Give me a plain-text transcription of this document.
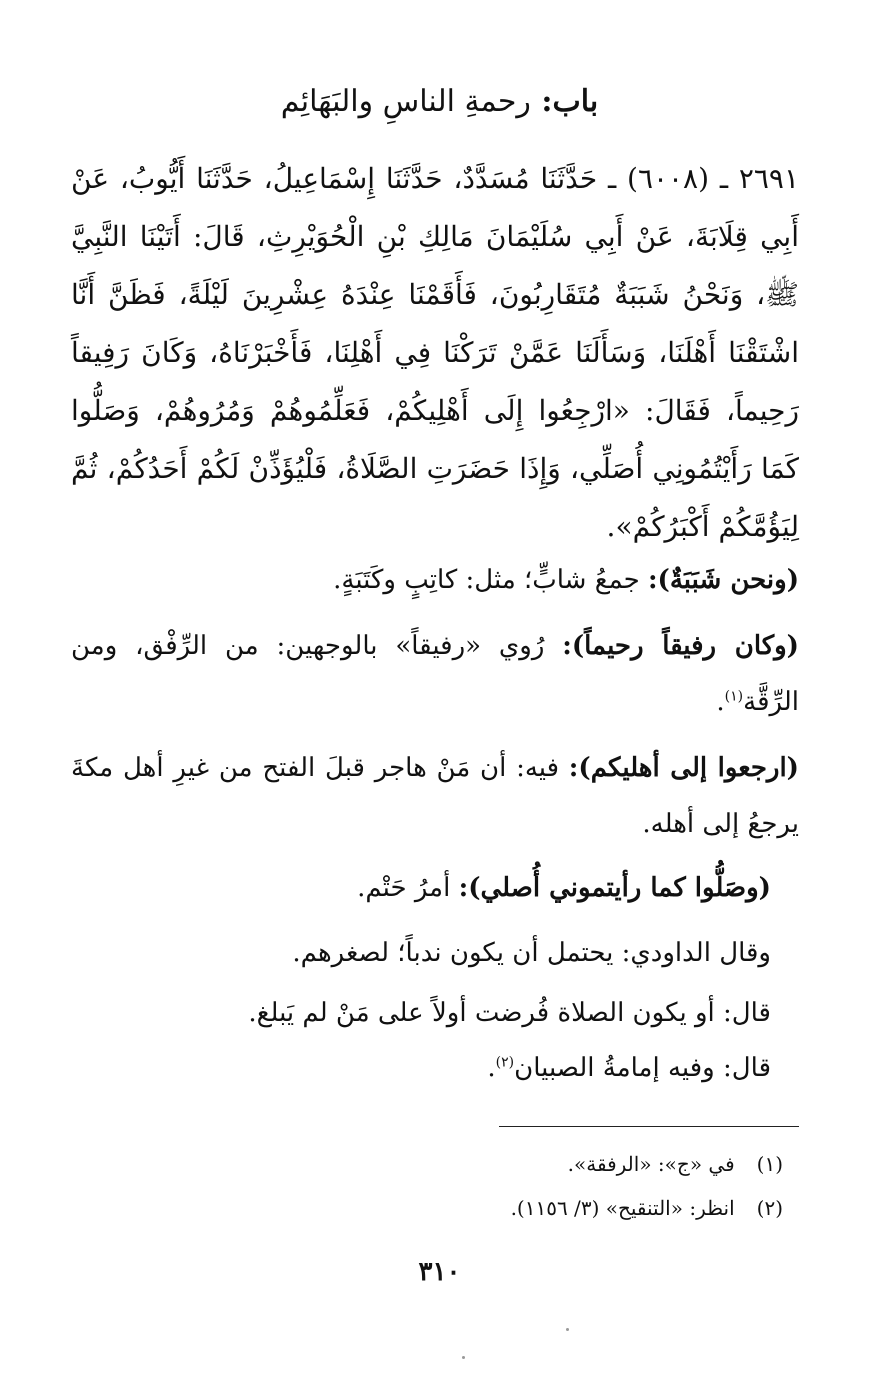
باب: رحمةِ الناسِ والبَهَائِم
٢٦٩١ ـ (٦٠٠٨) ـ حَدَّثَنَا مُسَدَّدٌ، حَدَّثَنَا إِسْمَاعِيلُ، حَدَّثَنَا أَيُّوبُ، عَنْ أَبِي قِلَابَةَ، عَنْ أَبِي سُلَيْمَانَ مَالِكِ بْنِ الْحُوَيْرِثِ، قَالَ: أَتَيْنَا النَّبِيَّ ﷺ، وَنَحْنُ شَبَبَةٌ مُتَقَارِبُونَ، فَأَقَمْنَا عِنْدَهُ عِشْرِينَ لَيْلَةً، فَظَنَّ أَنَّا اشْتَقْنَا أَهْلَنَا، وَسَأَلَنَا عَمَّنْ تَرَكْنَا فِي أَهْلِنَا، فَأَخْبَرْنَاهُ، وَكَانَ رَفِيقاً رَحِيماً، فَقَالَ: «ارْجِعُوا إِلَى أَهْلِيكُمْ، فَعَلِّمُوهُمْ وَمُرُوهُمْ، وَصَلُّوا كَمَا رَأَيْتُمُونِي أُصَلِّي، وَإِذَا حَضَرَتِ الصَّلَاةُ، فَلْيُؤَذِّنْ لَكُمْ أَحَدُكُمْ، ثُمَّ لِيَؤُمَّكُمْ أَكْبَرُكُمْ».
(ونحن شَبَبَةٌ): جمعُ شابٍّ؛ مثل: كاتِبٍ وكَتَبَةٍ.
(وكان رفيقاً رحيماً): رُوي «رفيقاً» بالوجهين: من الرِّفْق، ومن الرِّقَّة$^{(١)}$.
(ارجعوا إلى أهليكم): فيه: أن مَنْ هاجر قبلَ الفتح من غيرِ أهل مكةَ يرجعُ إلى أهله.
(وصَلُّوا كما رأيتموني أُصلي): أمرُ حَتْم.
وقال الداودي: يحتمل أن يكون ندباً؛ لصغرهم.
قال: أو يكون الصلاة فُرضت أولاً على مَنْ لم يَبلغ.
قال: وفيه إمامةُ الصبيان$^{(٢)}$.
(١) في «ج»: «الرفقة».
(٢) انظر: «التنقيح» (٣/ ١١٥٦).
٣١٠
